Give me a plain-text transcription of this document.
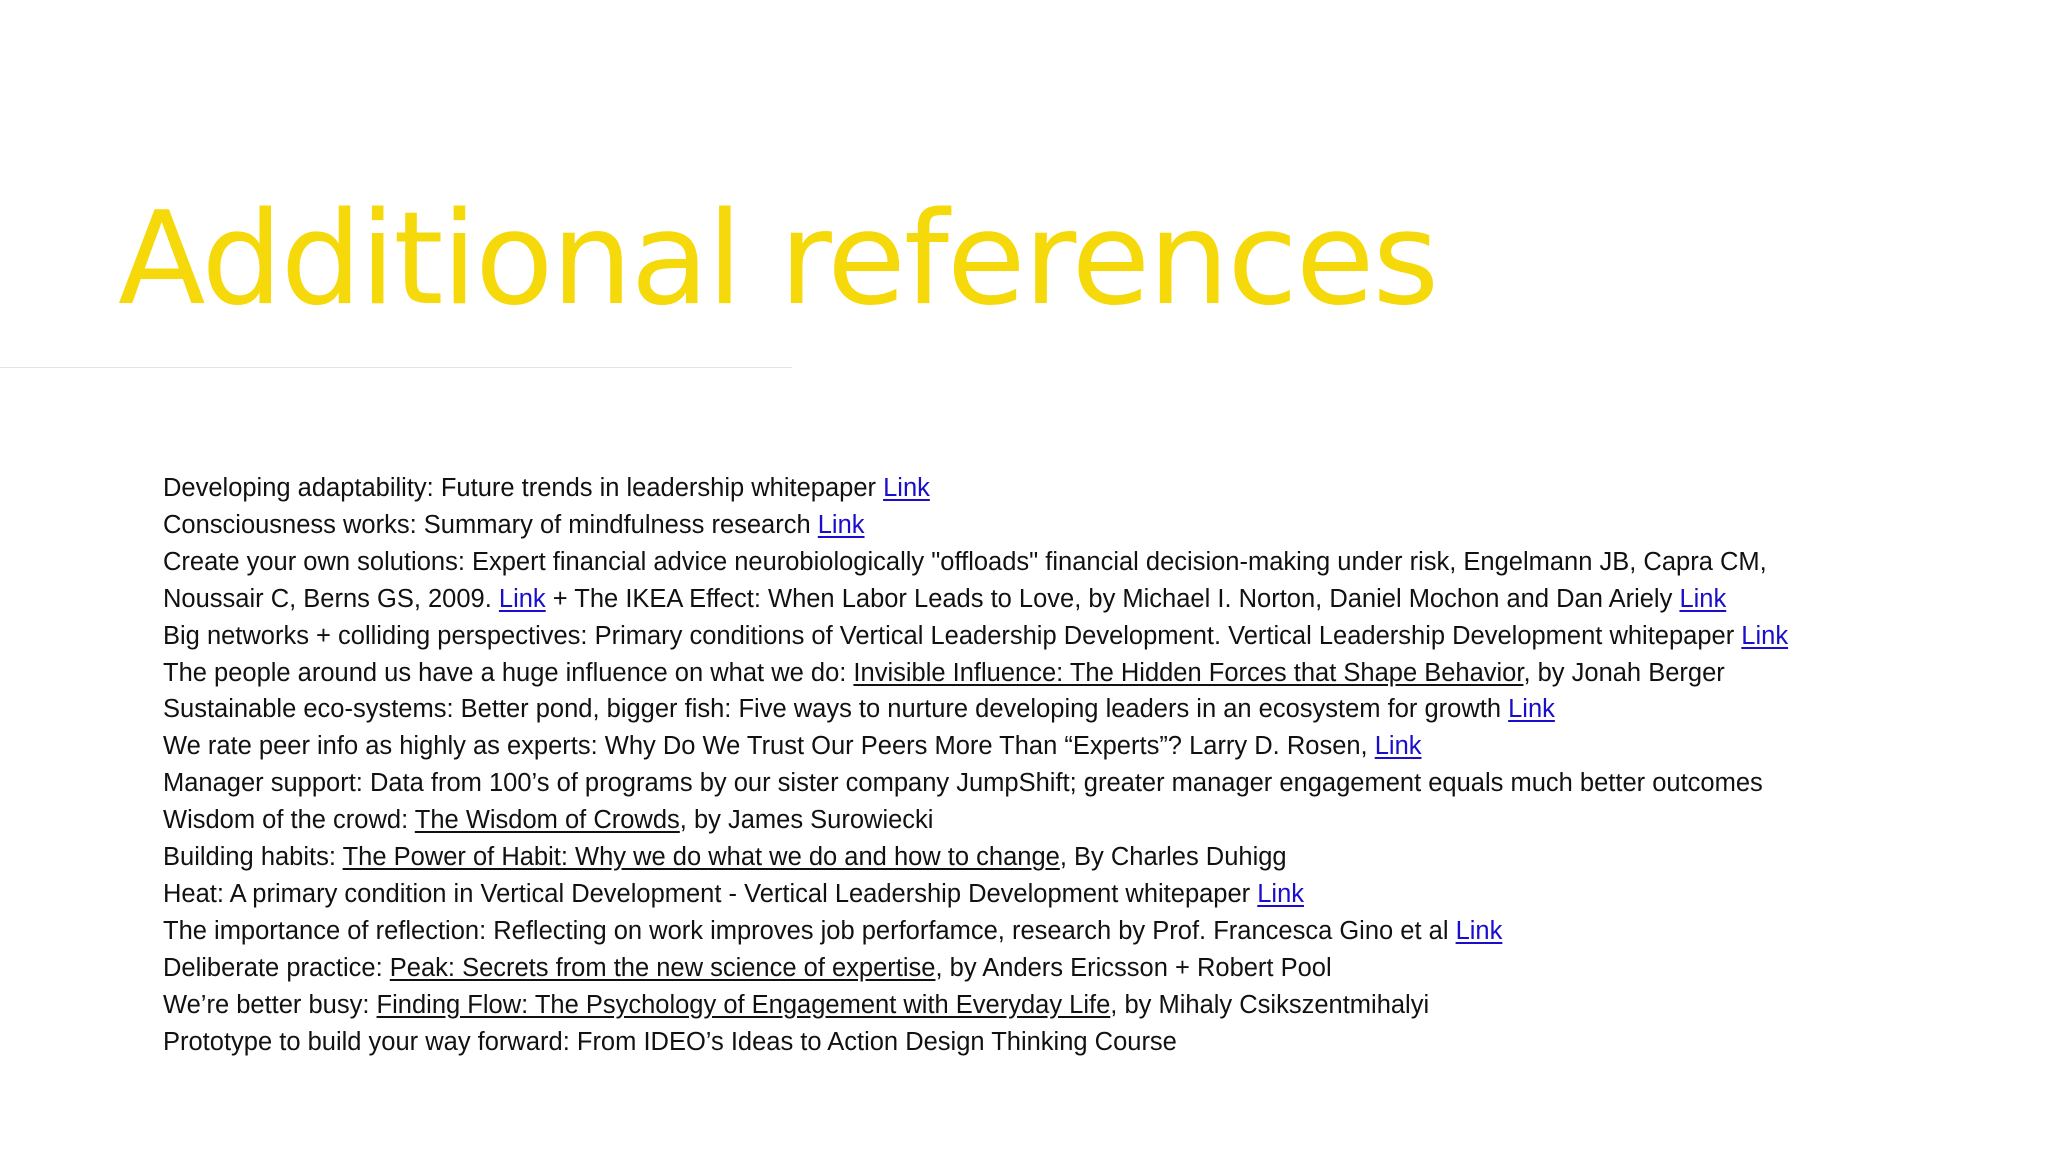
Additional references
Developing adaptability: Future trends in leadership whitepaper Link
Consciousness works: Summary of mindfulness research Link
Create your own solutions: Expert financial advice neurobiologically "offloads" financial decision-making under risk, Engelmann JB, Capra CM,
Noussair C, Berns GS, 2009. Link + The IKEA Effect: When Labor Leads to Love, by Michael I. Norton, Daniel Mochon and Dan Ariely Link
Big networks + colliding perspectives: Primary conditions of Vertical Leadership Development. Vertical Leadership Development whitepaper Link
The people around us have a huge influence on what we do: Invisible Influence: The Hidden Forces that Shape Behavior, by Jonah Berger
Sustainable eco-systems: Better pond, bigger fish: Five ways to nurture developing leaders in an ecosystem for growth Link
We rate peer info as highly as experts: Why Do We Trust Our Peers More Than “Experts”? Larry D. Rosen, Link
Manager support: Data from 100’s of programs by our sister company JumpShift; greater manager engagement equals much better outcomes
Wisdom of the crowd: The Wisdom of Crowds, by James Surowiecki
Building habits: The Power of Habit: Why we do what we do and how to change, By Charles Duhigg
Heat: A primary condition in Vertical Development - Vertical Leadership Development whitepaper Link
The importance of reflection: Reflecting on work improves job perforfamce, research by Prof. Francesca Gino et al Link
Deliberate practice: Peak: Secrets from the new science of expertise, by Anders Ericsson + Robert Pool
We’re better busy: Finding Flow: The Psychology of Engagement with Everyday Life, by Mihaly Csikszentmihalyi
Prototype to build your way forward: From IDEO’s Ideas to Action Design Thinking Course
